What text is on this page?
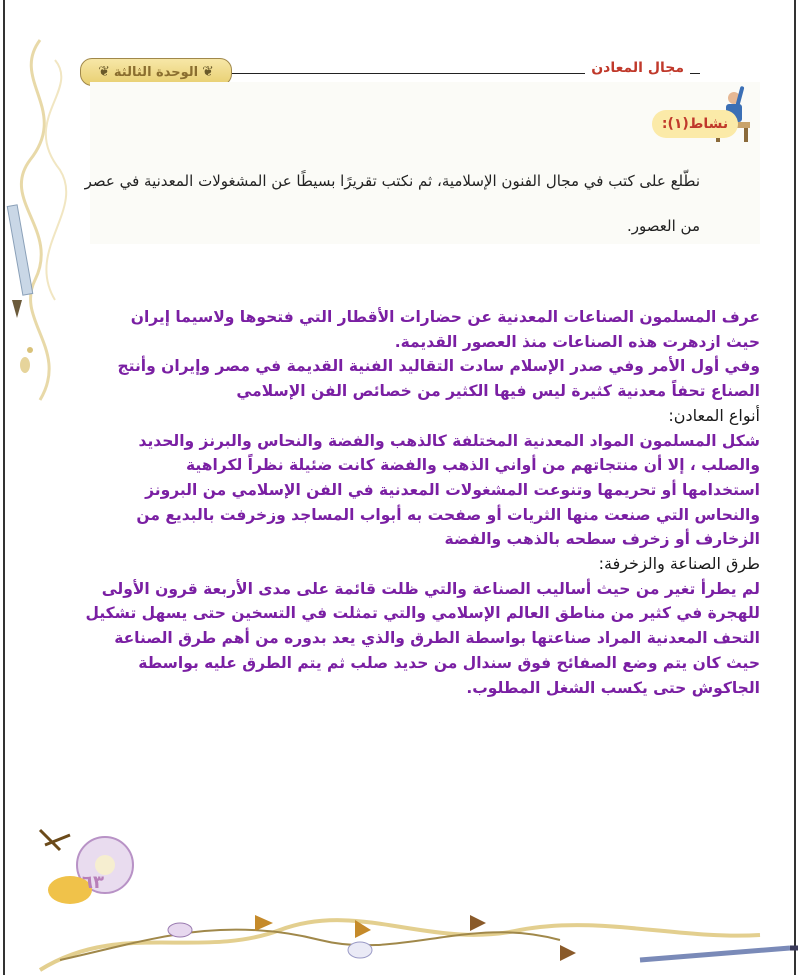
❦ الوحدة الثالثة
❦	مجال المعادن
نشاط(١):
نطّلع على كتب في مجال الفنون الإسلامية، ثم نكتب تقريرًا بسيطًا عن المشغولات المعدنية في عصر
من العصور.
عرف المسلمون الصناعات المعدنية عن حضارات الأقطار التي فتحوها ولاسيما إيران
حيث ازدهرت هذه الصناعات منذ العصور القديمة.
وفي أول الأمر وفي صدر الإسلام سادت التقاليد الفنية القديمة في مصر وإيران وأنتج
الصناع تحفاً معدنية كثيرة ليس فيها الكثير من خصائص الفن الإسلامي
أنواع المعادن:
شكل المسلمون المواد المعدنية المختلفة كالذهب والفضة والنحاس والبرنز والحديد
والصلب ، إلا أن منتجاتهم من أواني الذهب والفضة كانت ضئيلة نظراً لكراهية
استخدامها أو تحريمها وتنوعت المشغولات المعدنية في الفن الإسلامي من البرونز
والنحاس التي صنعت منها الثريات أو صفحت به أبواب المساجد وزخرفت بالبديع من
الزخارف أو زخرف سطحه بالذهب والفضة
طرق الصناعة والزخرفة:
لم يطرأ تغير من حيث أساليب الصناعة والتي ظلت قائمة على مدى الأربعة قرون الأولى
للهجرة في كثير من مناطق العالم الإسلامي والتي تمثلت في التسخين حتى يسهل تشكيل
التحف المعدنية المراد صناعتها بواسطة الطرق والذي يعد بدوره من أهم طرق الصناعة
حيث كان يتم وضع الصفائح فوق سندال من حديد صلب ثم يتم الطرق عليه بواسطة
الجاكوش حتى يكسب الشغل المطلوب.
٦٣
